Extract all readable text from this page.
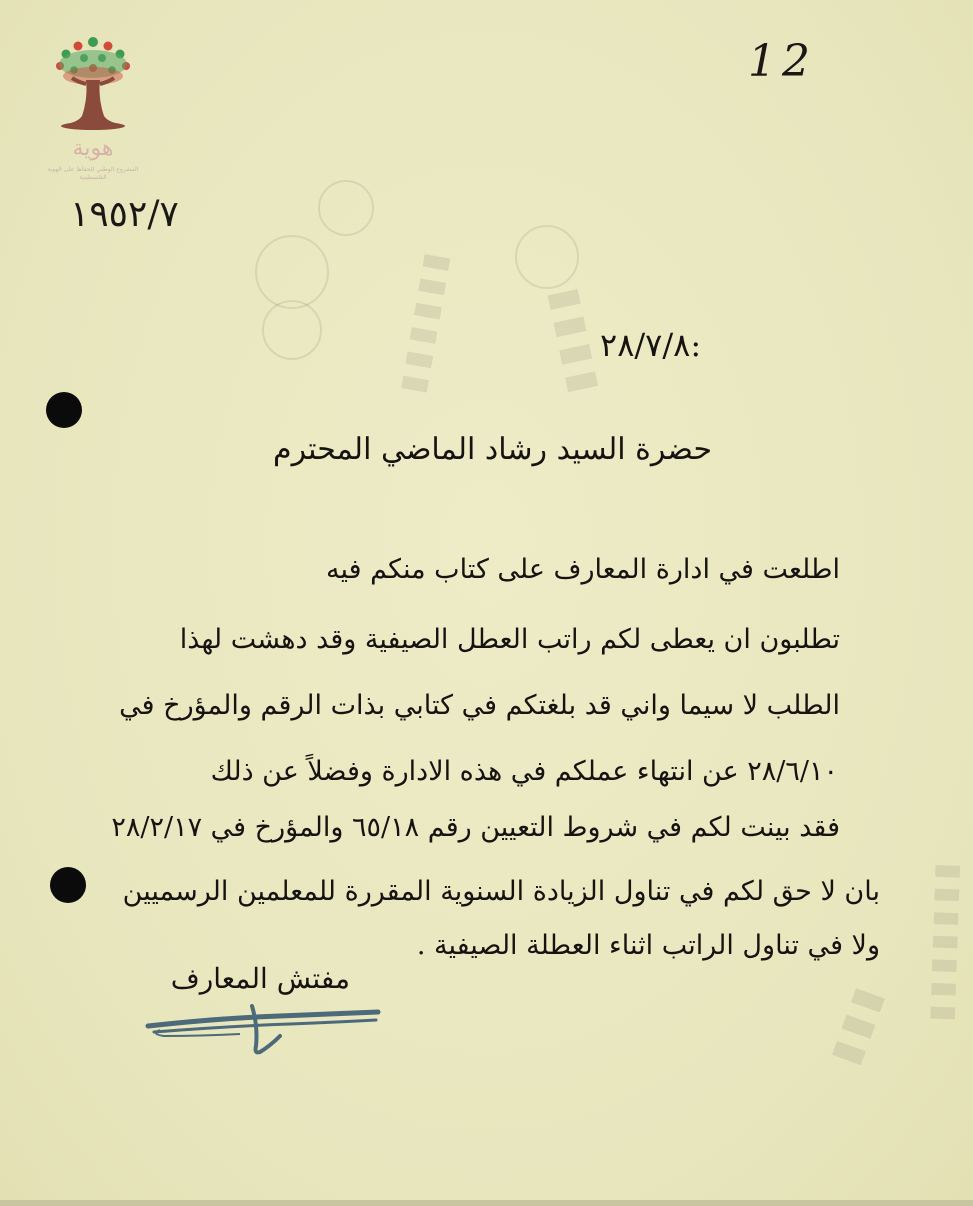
▮▮▮▮▮▮ ▮▮▮▮
▮▮▮▮▮▮▮
▮▮▮
هوية
المشروع الوطني للحفاظ على الهوية الفلسطينية
12
١٩٥٢/٧
٢٨/٧/٨:
حضرة السيد رشاد الماضي المحترم
اطلعت في ادارة المعارف على كتاب منكم فيه
تطلبون ان يعطى لكم راتب العطل الصيفية وقد دهشت لهذا
الطلب لا سيما واني قد بلغتكم في كتابي بذات الرقم والمؤرخ في
٢٨/٦/١٠ عن انتهاء عملكم في هذه الادارة وفضلاً عن ذلك
فقد بينت لكم في شروط التعيين رقم ٦٥/١٨ والمؤرخ في ٢٨/٢/١٧
بان لا حق لكم في تناول الزيادة السنوية المقررة للمعلمين الرسميين
ولا في تناول الراتب اثناء العطلة الصيفية .
مفتش المعارف
